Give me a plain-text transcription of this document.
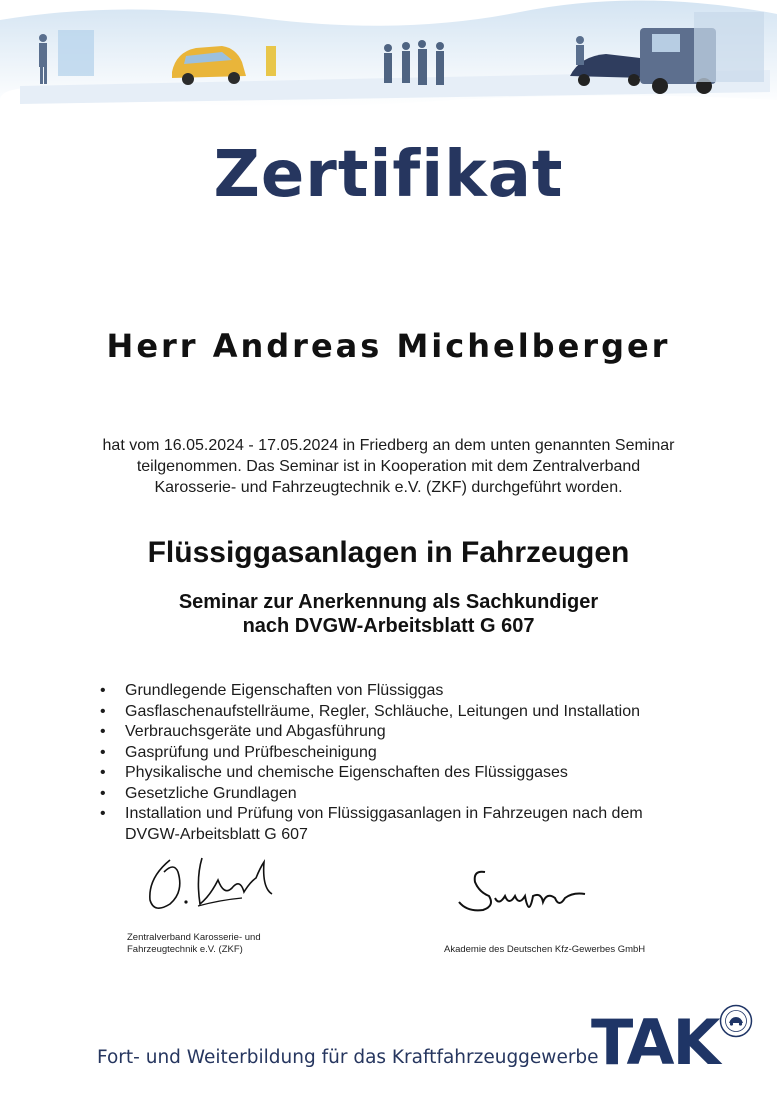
Zertifikat
Herr Andreas Michelberger
hat vom 16.05.2024 - 17.05.2024 in Friedberg an dem unten genannten Seminar
teilgenommen. Das Seminar ist in Kooperation mit dem Zentralverband
Karosserie- und Fahrzeugtechnik e.V. (ZKF) durchgeführt worden.
Flüssiggasanlagen in Fahrzeugen
Seminar zur Anerkennung als Sachkundiger
nach DVGW-Arbeitsblatt G 607
• Grundlegende Eigenschaften von Flüssiggas
• Gasflaschenaufstellräume, Regler, Schläuche, Leitungen und Installation
• Verbrauchsgeräte und Abgasführung
• Gasprüfung und Prüfbescheinigung
• Physikalische und chemische Eigenschaften des Flüssiggases
• Gesetzliche Grundlagen
• Installation und Prüfung von Flüssiggasanlagen in Fahrzeugen nach dem
DVGW-Arbeitsblatt G 607
Zentralverband Karosserie- und
Fahrzeugtechnik e.V. (ZKF)	Akademie des Deutschen Kfz-Gewerbes GmbH
Fort- und Weiterbildung für das Kraftfahrzeuggewerbe
TAK
